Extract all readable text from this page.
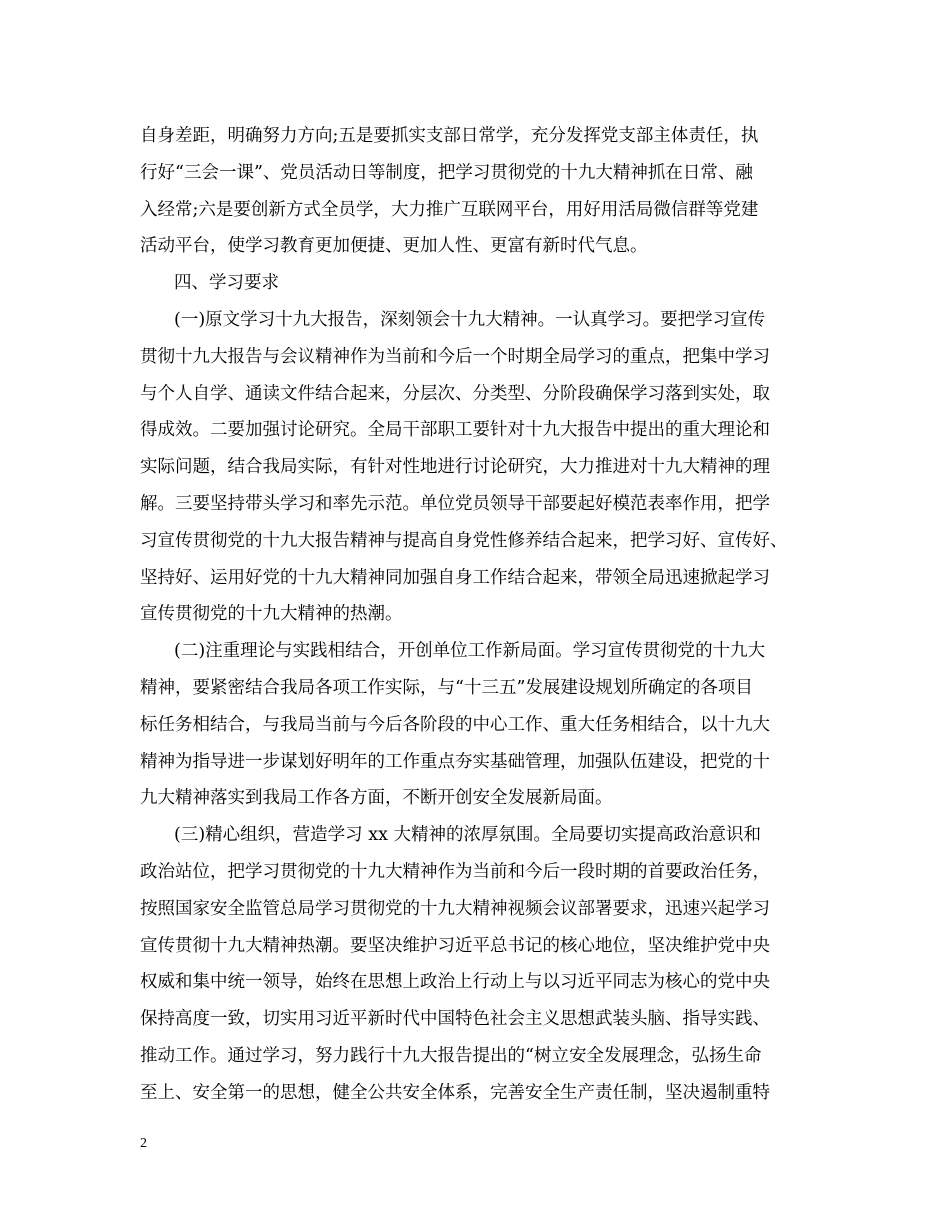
自身差距，明确努力方向;五是要抓实支部日常学，充分发挥党支部主体责任，执
行好“三会一课”、党员活动日等制度，把学习贯彻党的十九大精神抓在日常、融
入经常;六是要创新方式全员学，大力推广互联网平台，用好用活局微信群等党建
活动平台，使学习教育更加便捷、更加人性、更富有新时代气息。
四、学习要求
(一)原文学习十九大报告，深刻领会十九大精神。一认真学习。要把学习宣传
贯彻十九大报告与会议精神作为当前和今后一个时期全局学习的重点，把集中学习
与个人自学、通读文件结合起来，分层次、分类型、分阶段确保学习落到实处，取
得成效。二要加强讨论研究。全局干部职工要针对十九大报告中提出的重大理论和
实际问题，结合我局实际，有针对性地进行讨论研究，大力推进对十九大精神的理
解。三要坚持带头学习和率先示范。单位党员领导干部要起好模范表率作用，把学
习宣传贯彻党的十九大报告精神与提高自身党性修养结合起来，把学习好、宣传好、
坚持好、运用好党的十九大精神同加强自身工作结合起来，带领全局迅速掀起学习
宣传贯彻党的十九大精神的热潮。
(二)注重理论与实践相结合，开创单位工作新局面。学习宣传贯彻党的十九大
精神，要紧密结合我局各项工作实际，与“十三五”发展建设规划所确定的各项目
标任务相结合，与我局当前与今后各阶段的中心工作、重大任务相结合，以十九大
精神为指导进一步谋划好明年的工作重点夯实基础管理，加强队伍建设，把党的十
九大精神落实到我局工作各方面，不断开创安全发展新局面。
(三)精心组织，营造学习 xx 大精神的浓厚氛围。全局要切实提高政治意识和
政治站位，把学习贯彻党的十九大精神作为当前和今后一段时期的首要政治任务，
按照国家安全监管总局学习贯彻党的十九大精神视频会议部署要求，迅速兴起学习
宣传贯彻十九大精神热潮。要坚决维护习近平总书记的核心地位，坚决维护党中央
权威和集中统一领导，始终在思想上政治上行动上与以习近平同志为核心的党中央
保持高度一致，切实用习近平新时代中国特色社会主义思想武装头脑、指导实践、
推动工作。通过学习，努力践行十九大报告提出的“树立安全发展理念，弘扬生命
至上、安全第一的思想，健全公共安全体系，完善安全生产责任制，坚决遏制重特
2
